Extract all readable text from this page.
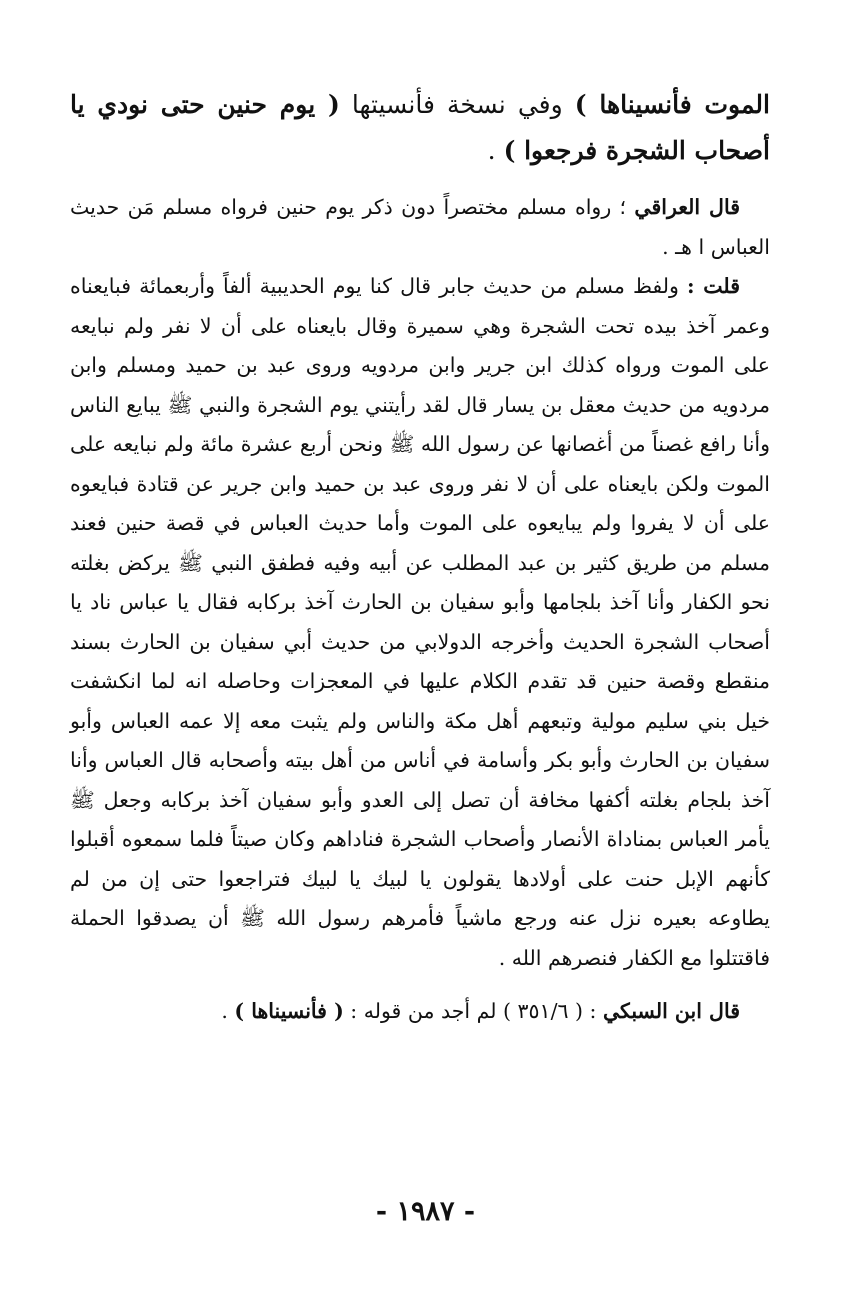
الموت فأنسيناها ) وفي نسخة فأنسيتها ( يوم حنين حتى نودي يا أصحاب الشجرة فرجعوا ) .

قال العراقي ؛ رواه مسلم مختصراً دون ذكر يوم حنين فرواه مسلم مَن حديث العباس ا هـ .

قلت : ولفظ مسلم من حديث جابر قال كنا يوم الحديبية ألفاً وأربعمائة فبايعناه وعمر آخذ بيده تحت الشجرة وهي سميرة وقال بايعناه على أن لا نفر ولم نبايعه على الموت ورواه كذلك ابن جرير وابن مردويه وروى عبد بن حميد ومسلم وابن مردويه من حديث معقل بن يسار قال لقد رأيتني يوم الشجرة والنبي ﷺ يبايع الناس وأنا رافع غصناً من أغصانها عن رسول الله ﷺ ونحن أربع عشرة مائة ولم نبايعه على الموت ولكن بايعناه على أن لا نفر وروى عبد بن حميد وابن جرير عن قتادة فبايعوه على أن لا يفروا ولم يبايعوه على الموت وأما حديث العباس في قصة حنين فعند مسلم من طريق كثير بن عبد المطلب عن أبيه وفيه فطفق النبي ﷺ يركض بغلته نحو الكفار وأنا آخذ بلجامها وأبو سفيان بن الحارث آخذ بركابه فقال يا عباس ناد يا أصحاب الشجرة الحديث وأخرجه الدولابي من حديث أبي سفيان بن الحارث بسند منقطع وقصة حنين قد تقدم الكلام عليها في المعجزات وحاصله انه لما انكشفت خيل بني سليم مولية وتبعهم أهل مكة والناس ولم يثبت معه إلا عمه العباس وأبو سفيان بن الحارث وأبو بكر وأسامة في أناس من أهل بيته وأصحابه قال العباس وأنا آخذ بلجام بغلته أكفها مخافة أن تصل إلى العدو وأبو سفيان آخذ بركابه وجعل ﷺ يأمر العباس بمناداة الأنصار وأصحاب الشجرة فناداهم وكان صيتاً فلما سمعوه أقبلوا كأنهم الإبل حنت على أولادها يقولون يا لبيك يا لبيك فتراجعوا حتى إن من لم يطاوعه بعيره نزل عنه ورجع ماشياً فأمرهم رسول الله ﷺ أن يصدقوا الحملة فاقتتلوا مع الكفار فنصرهم الله .

قال ابن السبكي : ( ٣٥١/٦ ) لم أجد من قوله : ( فأنسيناها ) .

- ١٩٨٧ -
